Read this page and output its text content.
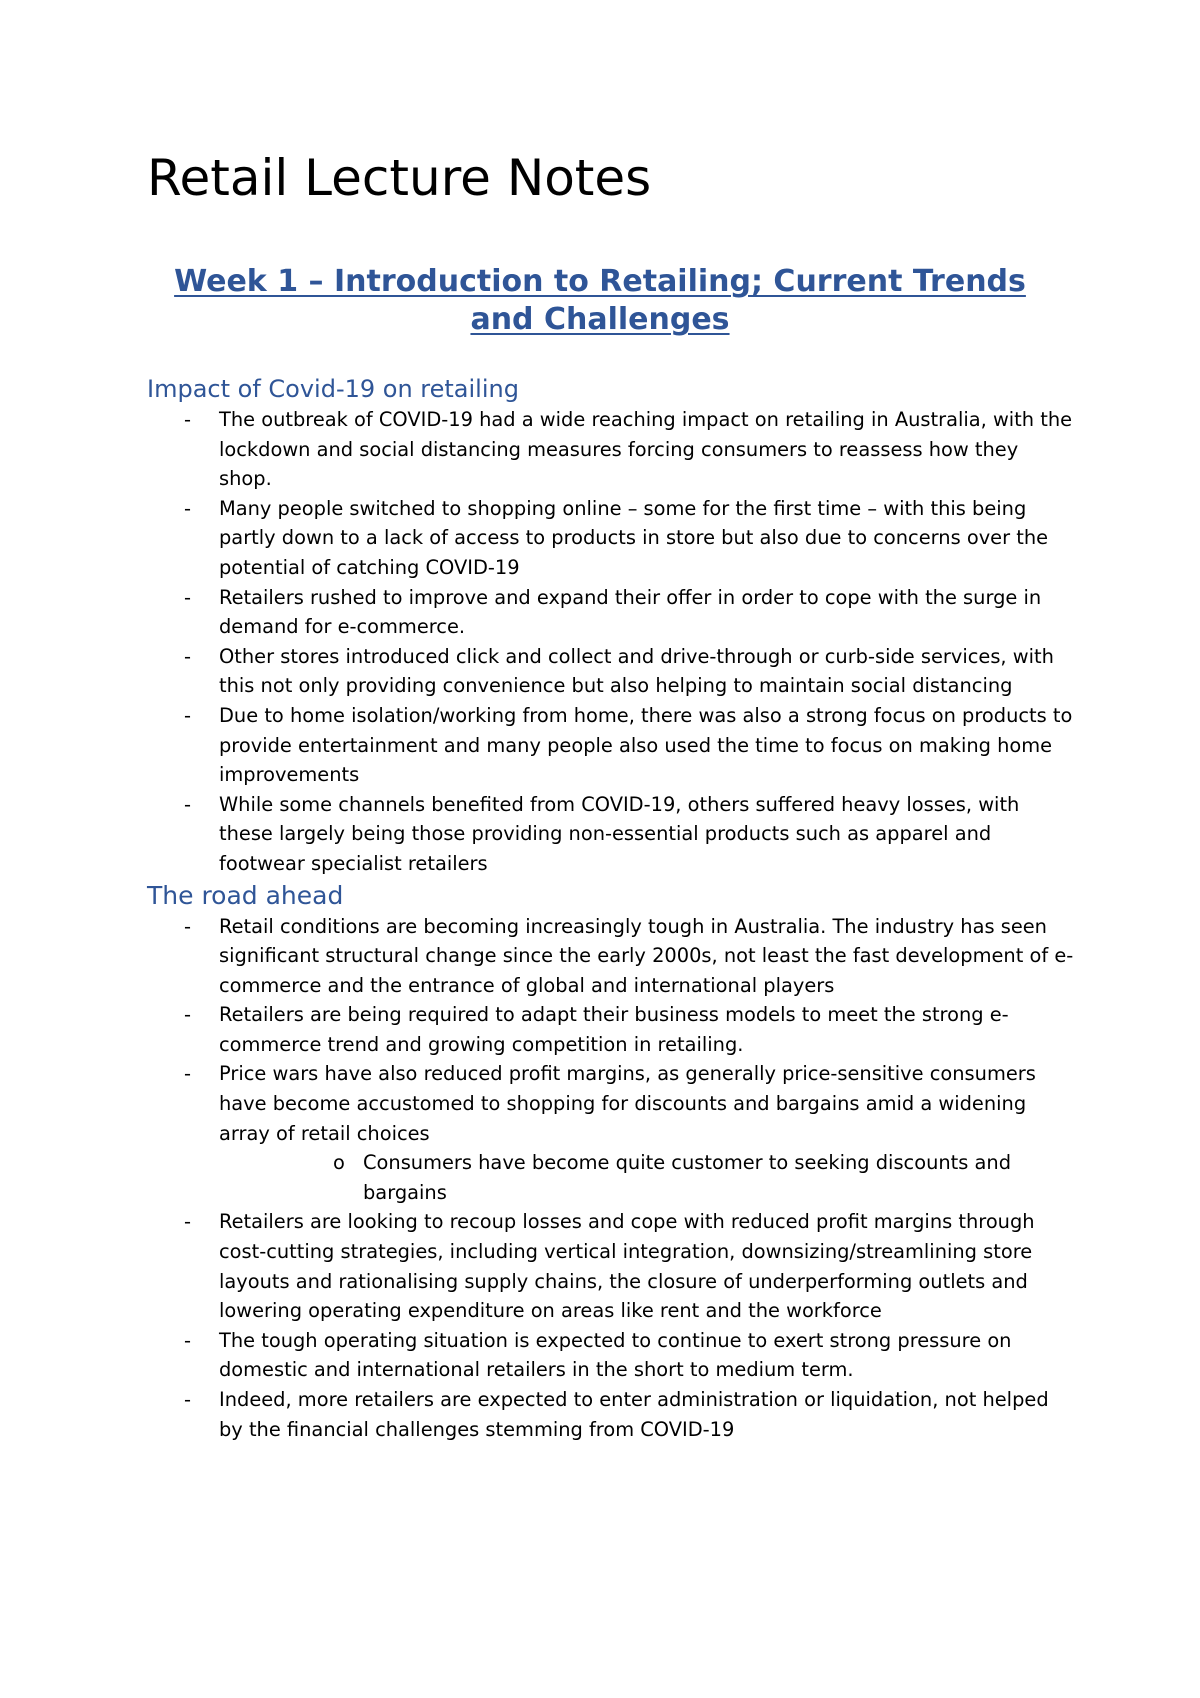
Retail Lecture Notes
Week 1 – Introduction to Retailing; Current Trends and Challenges
Impact of Covid-19 on retailing
- The outbreak of COVID-19 had a wide reaching impact on retailing in Australia, with the lockdown and social distancing measures forcing consumers to reassess how they shop.
- Many people switched to shopping online – some for the first time – with this being partly down to a lack of access to products in store but also due to concerns over the potential of catching COVID-19
- Retailers rushed to improve and expand their offer in order to cope with the surge in demand for e-commerce.
- Other stores introduced click and collect and drive-through or curb-side services, with this not only providing convenience but also helping to maintain social distancing
- Due to home isolation/working from home, there was also a strong focus on products to provide entertainment and many people also used the time to focus on making home improvements
- While some channels benefited from COVID-19, others suffered heavy losses, with these largely being those providing non-essential products such as apparel and footwear specialist retailers
The road ahead
- Retail conditions are becoming increasingly tough in Australia. The industry has seen significant structural change since the early 2000s, not least the fast development of e-commerce and the entrance of global and international players
- Retailers are being required to adapt their business models to meet the strong e-commerce trend and growing competition in retailing.
- Price wars have also reduced profit margins, as generally price-sensitive consumers have become accustomed to shopping for discounts and bargains amid a widening array of retail choices
o Consumers have become quite customer to seeking discounts and bargains
- Retailers are looking to recoup losses and cope with reduced profit margins through cost-cutting strategies, including vertical integration, downsizing/streamlining store layouts and rationalising supply chains, the closure of underperforming outlets and lowering operating expenditure on areas like rent and the workforce
- The tough operating situation is expected to continue to exert strong pressure on domestic and international retailers in the short to medium term.
- Indeed, more retailers are expected to enter administration or liquidation, not helped by the financial challenges stemming from COVID-19
